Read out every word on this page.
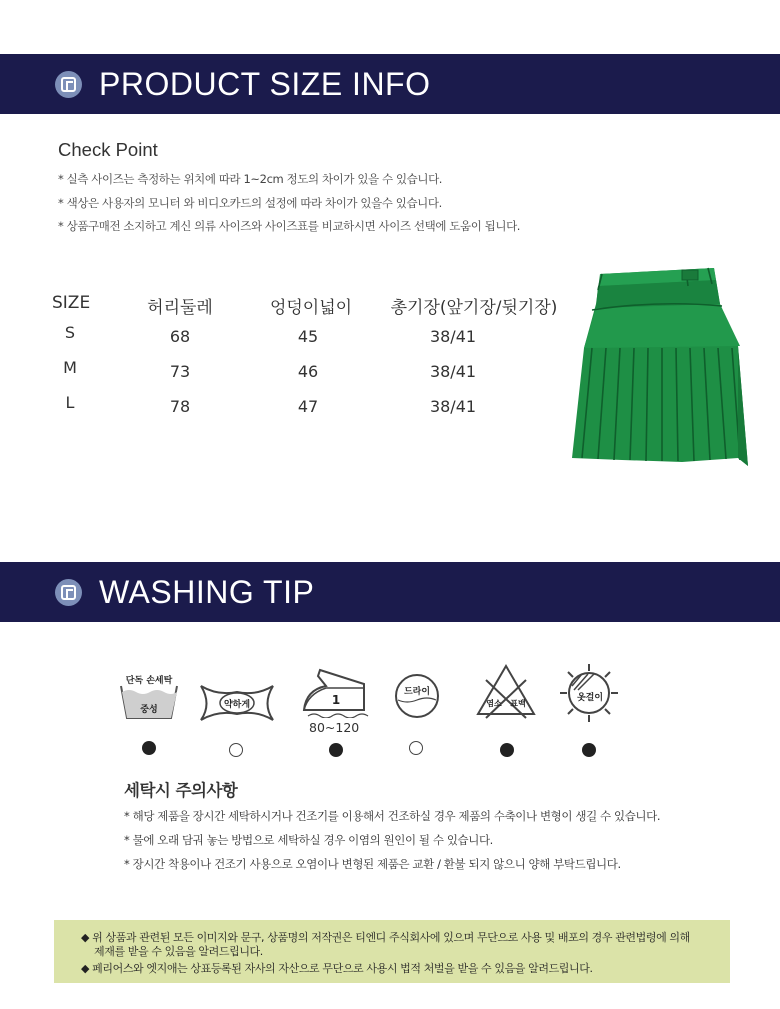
PRODUCT SIZE INFO
Check Point
* 실측 사이즈는 측정하는 위치에 따라 1~2cm 정도의 차이가 있을 수 있습니다.
* 색상은 사용자의 모니터 와 비디오카드의 설정에 따라 차이가 있을수 있습니다.
* 상품구매전 소지하고 계신 의류 사이즈와 사이즈표를 비교하시면 사이즈 선택에 도움이 됩니다.
SIZE	허리둘레	엉덩이넓이	총기장(앞기장/뒷기장)
S	68	45	38/41
M	73	46	38/41
L	78	47	38/41
WASHING TIP
단독 손세탁
중성	약하게	1
80~120
드라이
염소 표백
옷걸이
세탁시 주의사항
* 해당 제품을 장시간 세탁하시거나 건조기를 이용해서 건조하실 경우 제품의 수축이나 변형이 생길 수 있습니다.
* 물에 오래 담궈 놓는 방법으로 세탁하실 경우 이염의 원인이 될 수 있습니다.
* 장시간 착용이나 건조기 사용으로 오염이나 변형된 제품은 교환 / 환불 되지 않으니 양해 부탁드립니다.
◆ 위 상품과 관련된 모든 이미지와 문구, 상품명의 저작권은 티엔디 주식회사에 있으며 무단으로 사용 및 배포의 경우 관련법령에 의해
제재를 받을 수 있음을 알려드립니다.
◆ 페리어스와 엣지애는 상표등록된 자사의 자산으로 무단으로 사용시 법적 처벌을 받을 수 있음을 알려드립니다.
